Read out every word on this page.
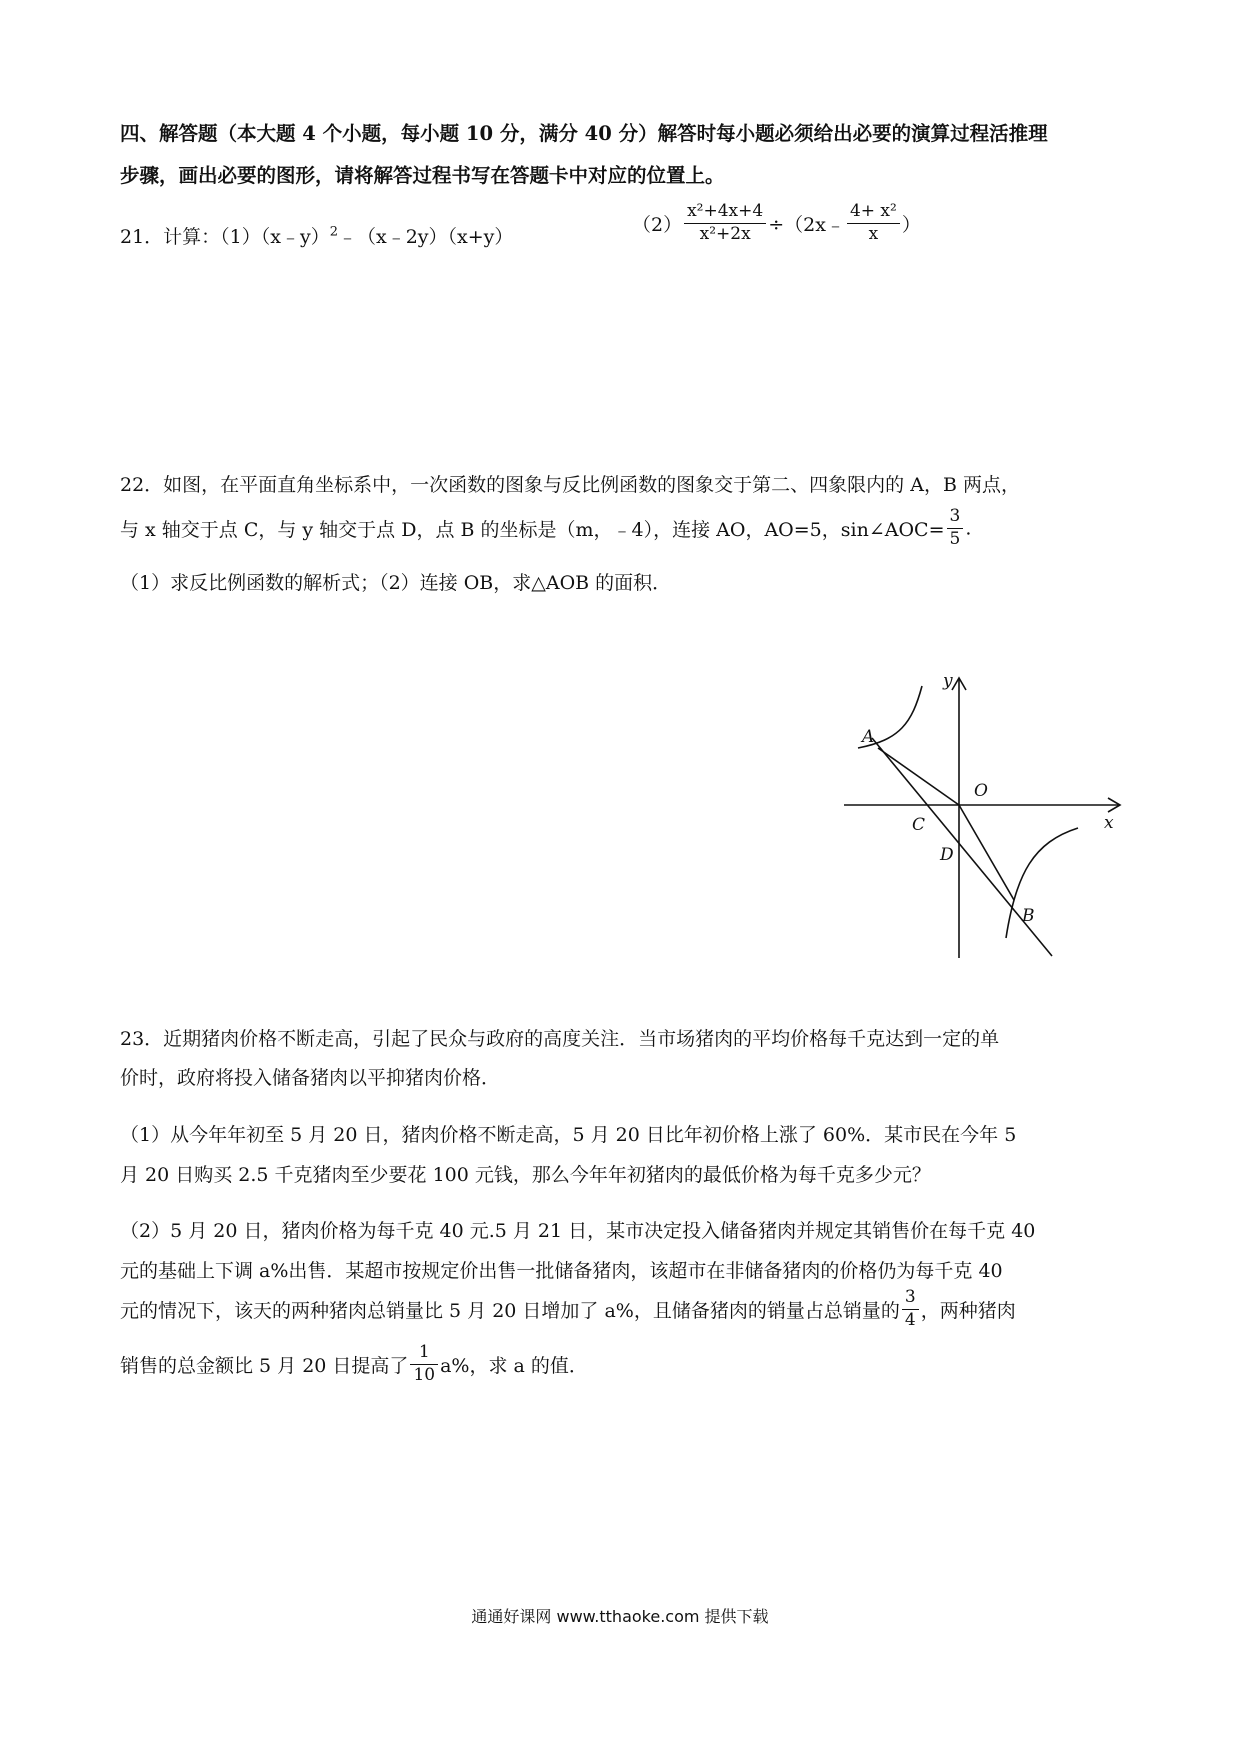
四、解答题（本大题 4 个小题，每小题 10 分，满分 40 分）解答时每小题必须给出必要的演算过程活推理
步骤，画出必要的图形，请将解答过程书写在答题卡中对应的位置上。
21．计算：（1）（x﹣y）$^2$﹣（x﹣2y）（x+y）
$(2) \frac{\text{x²+4x+4}}{\text{x²+2x}}$ ÷（2x﹣ $\frac{\text{4+ x²}}{x}$ ）
22．如图，在平面直角坐标系中，一次函数的图象与反比例函数的图象交于第二、四象限内的 A，B 两点，
与 x 轴交于点 C，与 y 轴交于点 D，点 B 的坐标是（m，﹣4），连接 AO，AO=5，sin∠AOC= $\frac{3}{5}$ .
（1）求反比例函数的解析式；（2）连接 OB，求△AOB 的面积．
y
x
O
A
B
C
D
23．近期猪肉价格不断走高，引起了民众与政府的高度关注．当市场猪肉的平均价格每千克达到一定的单
价时，政府将投入储备猪肉以平抑猪肉价格．
（1）从今年年初至 5 月 20 日，猪肉价格不断走高，5 月 20 日比年初价格上涨了 60%．某市民在今年 5
月 20 日购买 2.5 千克猪肉至少要花 100 元钱，那么今年年初猪肉的最低价格为每千克多少元？
（2）5 月 20 日，猪肉价格为每千克 40 元.5 月 21 日，某市决定投入储备猪肉并规定其销售价在每千克 40
元的基础上下调 a%出售．某超市按规定价出售一批储备猪肉，该超市在非储备猪肉的价格仍为每千克 40
元的情况下，该天的两种猪肉总销量比 5 月 20 日增加了 a%，且储备猪肉的销量占总销量的 $\frac{3}{4}$ ，两种猪肉
销售的总金额比 5 月 20 日提高了 $\frac{1}{10} a\%$，求 a 的值．
通通好课网 www.tthaoke.com 提供下载
